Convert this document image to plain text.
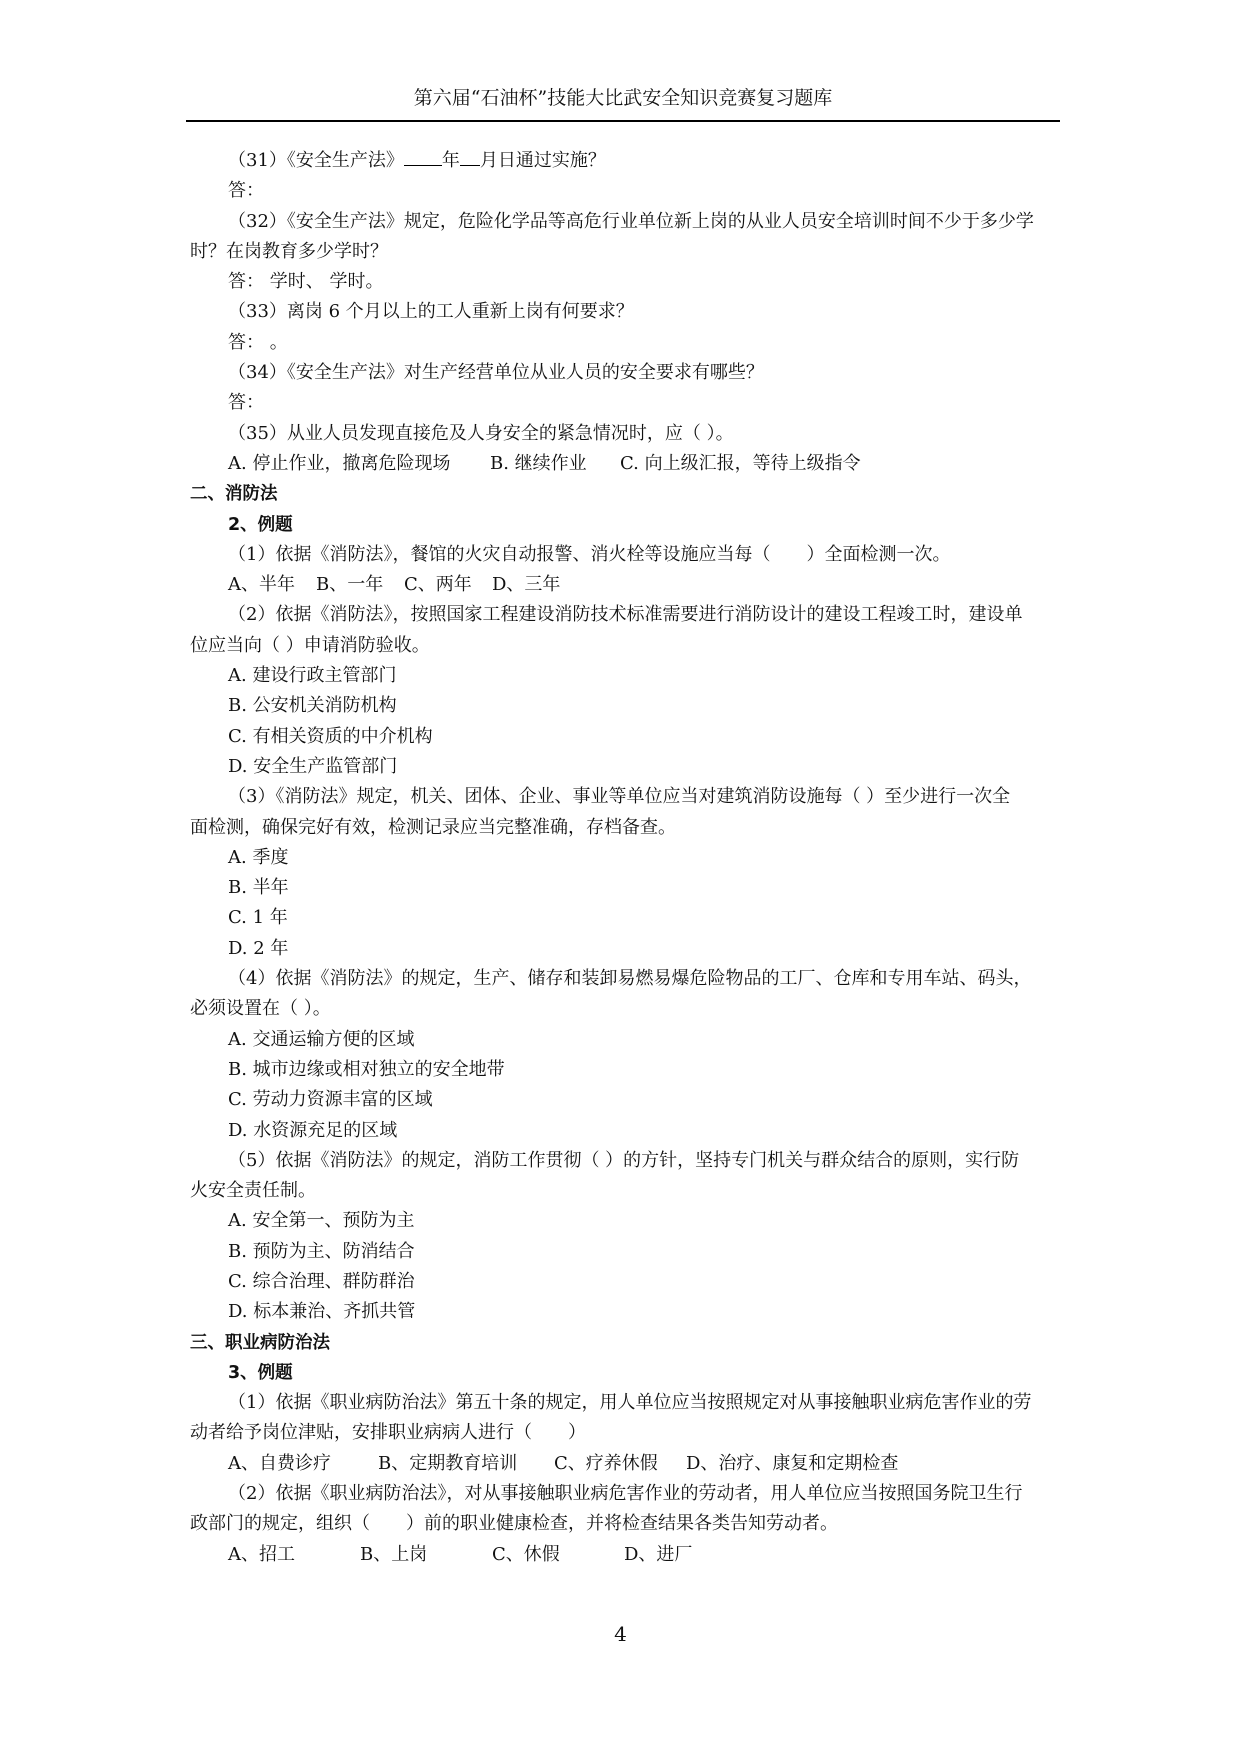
第六届“石油杯”技能大比武安全知识竞赛复习题库
（31）《安全生产法》 年 月日通过实施？
答：
（32）《安全生产法》规定，危险化学品等高危行业单位新上岗的从业人员安全培训时间不少于多少学
时？在岗教育多少学时？
答： 学时、 学时。
（33）离岗 6 个月以上的工人重新上岗有何要求？
答： 。
（34）《安全生产法》对生产经营单位从业人员的安全要求有哪些？
答：
（35）从业人员发现直接危及人身安全的紧急情况时，应（ ）。
A. 停止作业，撤离危险现场 B. 继续作业 C. 向上级汇报，等待上级指令
二、消防法
2、例题
（1）依据《消防法》，餐馆的火灾自动报警、消火栓等设施应当每（　　）全面检测一次。
A、半年 B、一年 C、两年 D、三年
（2）依据《消防法》，按照国家工程建设消防技术标准需要进行消防设计的建设工程竣工时，建设单
位应当向（ ）申请消防验收。
A. 建设行政主管部门
B. 公安机关消防机构
C. 有相关资质的中介机构
D. 安全生产监管部门
（3）《消防法》规定，机关、团体、企业、事业等单位应当对建筑消防设施每（ ）至少进行一次全
面检测，确保完好有效，检测记录应当完整准确，存档备查。
A. 季度
B. 半年
C. 1 年
D. 2 年
（4）依据《消防法》的规定，生产、储存和装卸易燃易爆危险物品的工厂、仓库和专用车站、码头，
必须设置在（ ）。
A. 交通运输方便的区域
B. 城市边缘或相对独立的安全地带
C. 劳动力资源丰富的区域
D. 水资源充足的区域
（5）依据《消防法》的规定，消防工作贯彻（ ）的方针，坚持专门机关与群众结合的原则，实行防
火安全责任制。
A. 安全第一、预防为主
B. 预防为主、防消结合
C. 综合治理、群防群治
D. 标本兼治、齐抓共管
三、职业病防治法
3、例题
（1）依据《职业病防治法》第五十条的规定，用人单位应当按照规定对从事接触职业病危害作业的劳
动者给予岗位津贴，安排职业病病人进行（　　）
A、自费诊疗	B、定期教育培训 C、疗养休假 D、治疗、康复和定期检查
（2）依据《职业病防治法》，对从事接触职业病危害作业的劳动者，用人单位应当按照国务院卫生行
政部门的规定，组织（　　）前的职业健康检查，并将检查结果各类告知劳动者。
A、招工	B、上岗	C、休假	D、进厂
4
